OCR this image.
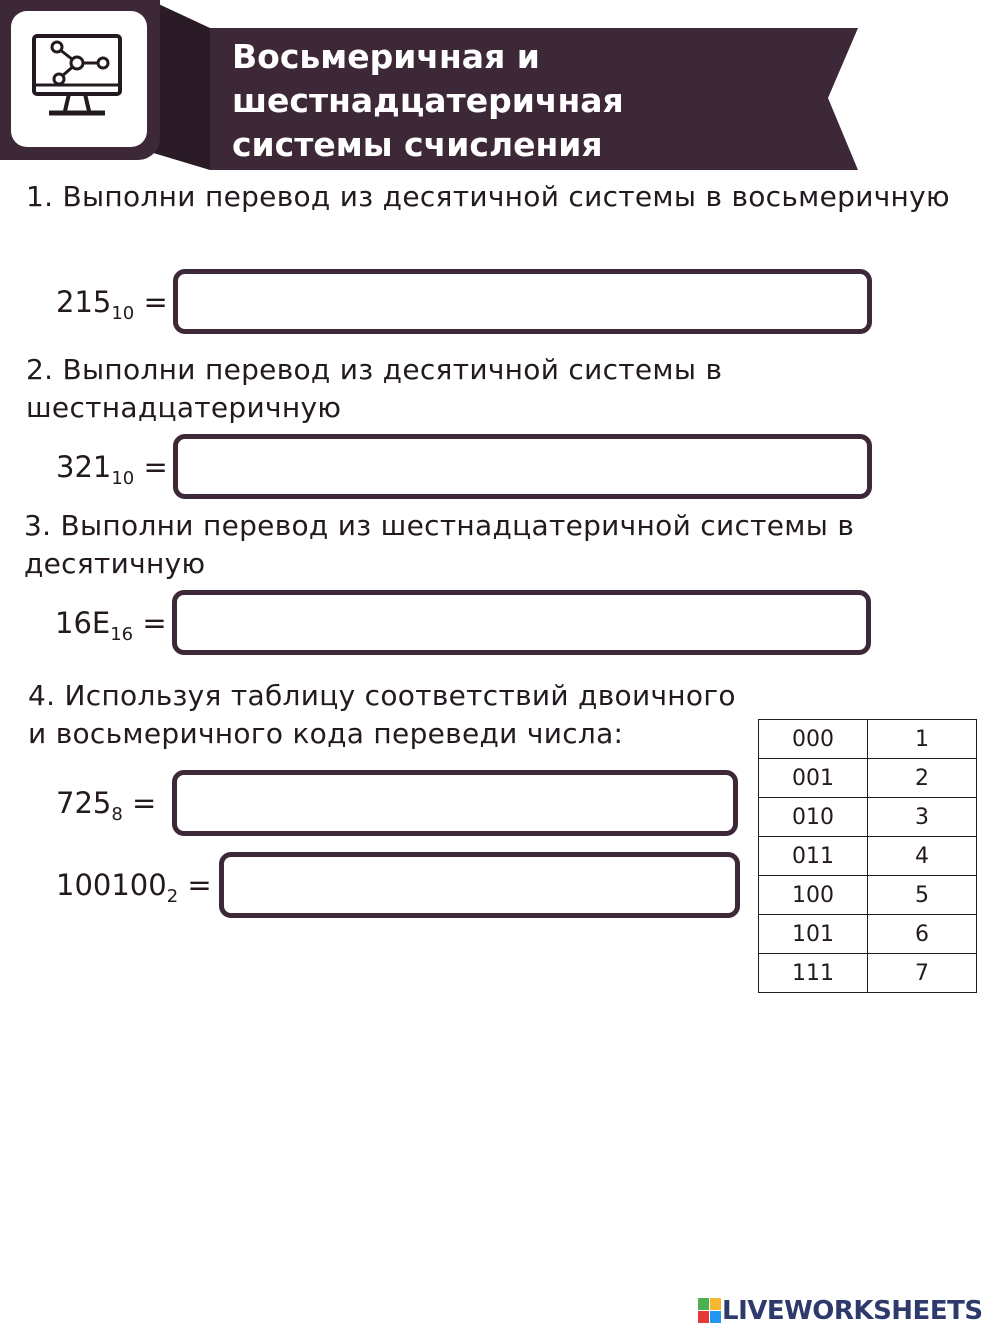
Восьмеричная и
шестнадцатеричная
системы счисления
1. Выполни перевод из десятичной системы в восьмеричную
$215_{10}$ =
2. Выполни перевод из десятичной системы в шестнадцатеричную
$321_{10}$ =
3. Выполни перевод из шестнадцатеричной системы в десятичную
$16E_{16}$ =
4. Используя таблицу соответствий двоичного и восьмеричного кода переведи числа:
$725_8$ =
$100100_2$ =
000	1
001	2
010	3
011	4
100	5
101	6
111	7
LIVEWORKSHEETS
